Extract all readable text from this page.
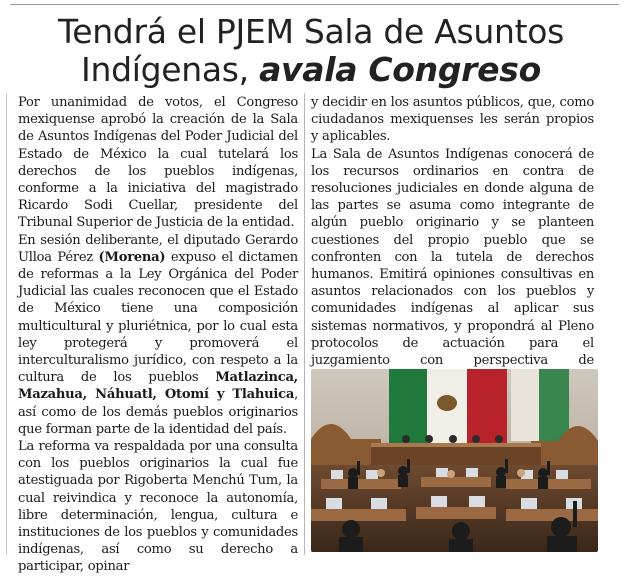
Tendrá el PJEM Sala de Asuntos
Indígenas, avala Congreso

Por unanimidad de votos, el Congreso mexiquense aprobó la creación de la Sala de Asuntos Indígenas del Poder Judicial del Estado de México la cual tutelará los derechos de los pueblos indígenas, conforme a la iniciativa del magistrado Ricardo Sodi Cuellar, presidente del Tribunal Superior de Justicia de la entidad.

En sesión deliberante, el diputado Gerardo Ulloa Pérez (Morena) expuso el dictamen de reformas a la Ley Orgánica del Poder Judicial las cuales reconocen que el Estado de México tiene una composición multicultural y pluriétnica, por lo cual esta ley protegerá y promoverá el interculturalismo jurídico, con respeto a la cultura de los pueblos Matlazinca, Mazahua, Náhuatl, Otomí y Tlahuica, así como de los demás pueblos originarios que forman parte de la identidad del país.

La reforma va respaldada por una consulta con los pueblos originarios la cual fue atestiguada por Rigoberta Menchú Tum, la cual reivindica y reconoce la autonomía, libre determinación, lengua, cultura e instituciones de los pueblos y comunidades indígenas, así como su derecho a participar, opinar

y decidir en los asuntos públicos, que, como ciudadanos mexiquenses les serán propios y aplicables.

La Sala de Asuntos Indígenas conocerá de los recursos ordinarios en contra de resoluciones judiciales en donde alguna de las partes se asuma como integrante de algún pueblo originario y se planteen cuestiones del propio pueblo que se confronten con la tutela de derechos humanos. Emitirá opiniones consultivas en asuntos relacionados con los pueblos y comunidades indígenas al aplicar sus sistemas normativos, y propondrá al Pleno protocolos de actuación para el juzgamiento con perspectiva de
